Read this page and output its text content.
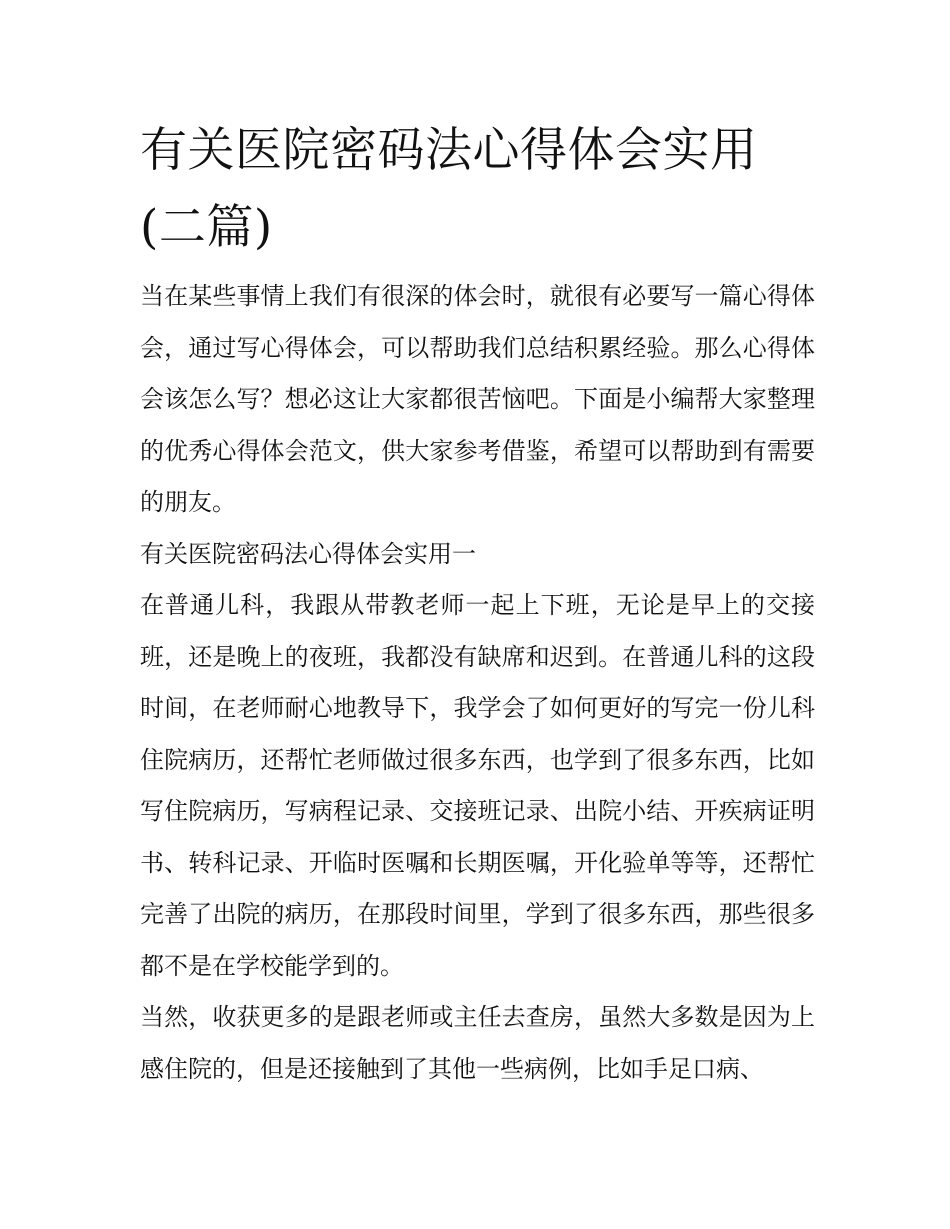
有关医院密码法心得体会实用(二篇)

当在某些事情上我们有很深的体会时，就很有必要写一篇心得体会，通过写心得体会，可以帮助我们总结积累经验。那么心得体会该怎么写？想必这让大家都很苦恼吧。下面是小编帮大家整理的优秀心得体会范文，供大家参考借鉴，希望可以帮助到有需要的朋友。

有关医院密码法心得体会实用一

在普通儿科，我跟从带教老师一起上下班，无论是早上的交接班，还是晚上的夜班，我都没有缺席和迟到。在普通儿科的这段时间，在老师耐心地教导下，我学会了如何更好的写完一份儿科住院病历，还帮忙老师做过很多东西，也学到了很多东西，比如写住院病历，写病程记录、交接班记录、出院小结、开疾病证明书、转科记录、开临时医嘱和长期医嘱，开化验单等等，还帮忙完善了出院的病历，在那段时间里，学到了很多东西，那些很多都不是在学校能学到的。

当然，收获更多的是跟老师或主任去查房，虽然大多数是因为上感住院的，但是还接触到了其他一些病例，比如手足口病、
